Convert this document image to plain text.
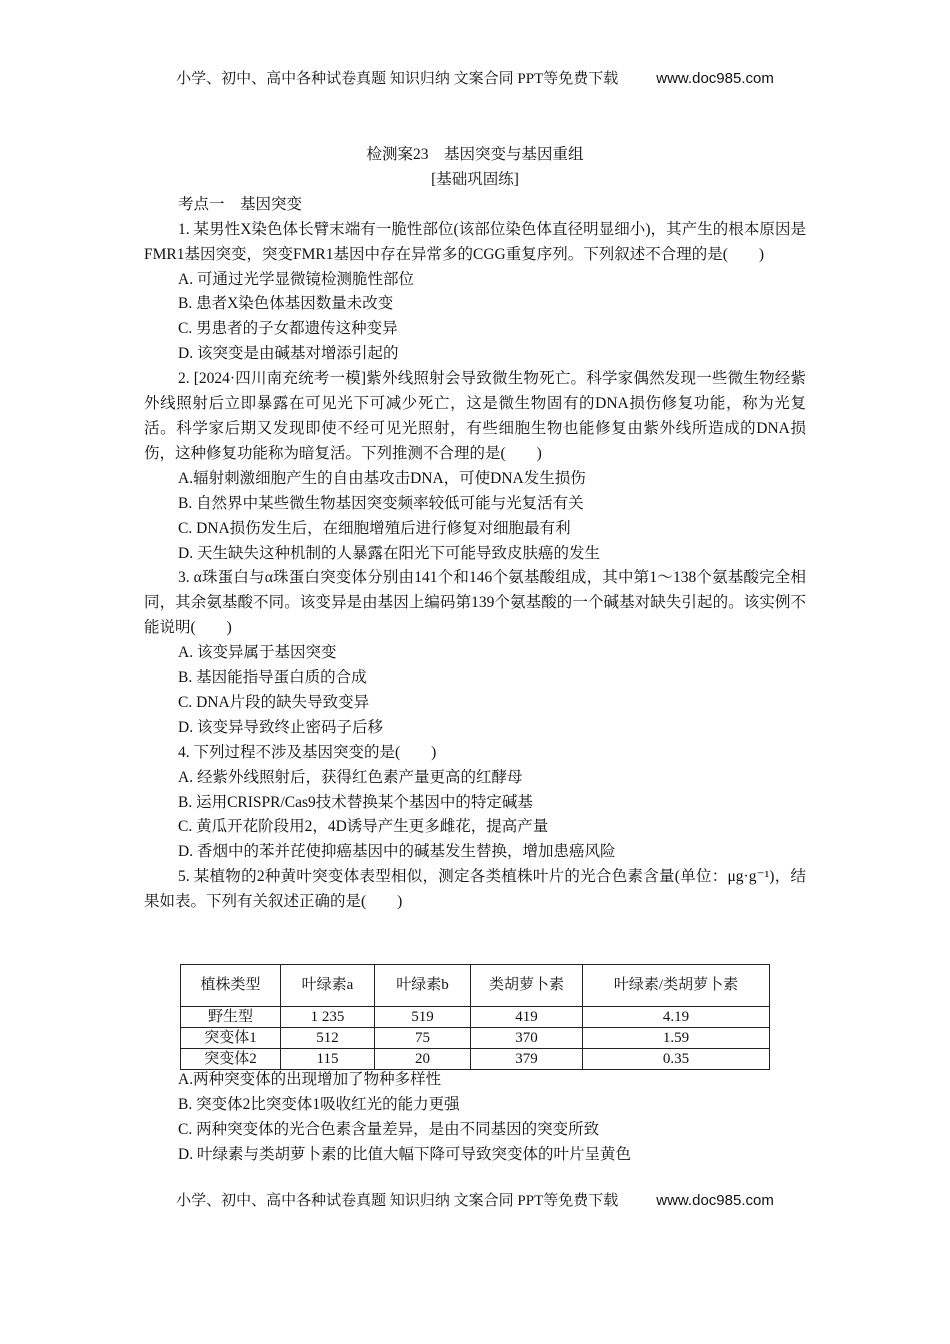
小学、初中、高中各种试卷真题 知识归纳 文案合同 PPT等免费下载	www.doc985.com
检测案23　基因突变与基因重组
[基础巩固练]
考点一　基因突变
1. 某男性X染色体长臂末端有一脆性部位(该部位染色体直径明显细小)，其产生的根本原因是FMR1基因突变，突变FMR1基因中存在异常多的CGG重复序列。下列叙述不合理的是(　　)
A. 可通过光学显微镜检测脆性部位
B. 患者X染色体基因数量未改变
C. 男患者的子女都遗传这种变异
D. 该突变是由碱基对增添引起的
2. [2024·四川南充统考一模]紫外线照射会导致微生物死亡。科学家偶然发现一些微生物经紫外线照射后立即暴露在可见光下可减少死亡，这是微生物固有的DNA损伤修复功能，称为光复活。科学家后期又发现即使不经可见光照射，有些细胞生物也能修复由紫外线所造成的DNA损伤，这种修复功能称为暗复活。下列推测不合理的是(　　)
A.辐射刺激细胞产生的自由基攻击DNA，可使DNA发生损伤
B. 自然界中某些微生物基因突变频率较低可能与光复活有关
C. DNA损伤发生后，在细胞增殖后进行修复对细胞最有利
D. 天生缺失这种机制的人暴露在阳光下可能导致皮肤癌的发生
3. α珠蛋白与α珠蛋白突变体分别由141个和146个氨基酸组成，其中第1～138个氨基酸完全相同，其余氨基酸不同。该变异是由基因上编码第139个氨基酸的一个碱基对缺失引起的。该实例不能说明(　　)
A. 该变异属于基因突变
B. 基因能指导蛋白质的合成
C. DNA片段的缺失导致变异
D. 该变异导致终止密码子后移
4. 下列过程不涉及基因突变的是(　　)
A. 经紫外线照射后，获得红色素产量更高的红酵母
B. 运用CRISPR/Cas9技术替换某个基因中的特定碱基
C. 黄瓜开花阶段用2，4D诱导产生更多雌花，提高产量
D. 香烟中的苯并芘使抑癌基因中的碱基发生替换，增加患癌风险
5. 某植物的2种黄叶突变体表型相似，测定各类植株叶片的光合色素含量(单位：μg·g⁻¹)，结果如表。下列有关叙述正确的是(　　)
植株类型	叶绿素a	叶绿素b	类胡萝卜素	叶绿素/类胡萝卜素
野生型	1 235	519	419	4.19
突变体1	512	75	370	1.59
突变体2	115	20	379	0.35
A.两种突变体的出现增加了物种多样性
B. 突变体2比突变体1吸收红光的能力更强
C. 两种突变体的光合色素含量差异，是由不同基因的突变所致
D. 叶绿素与类胡萝卜素的比值大幅下降可导致突变体的叶片呈黄色
小学、初中、高中各种试卷真题 知识归纳 文案合同 PPT等免费下载	www.doc985.com
